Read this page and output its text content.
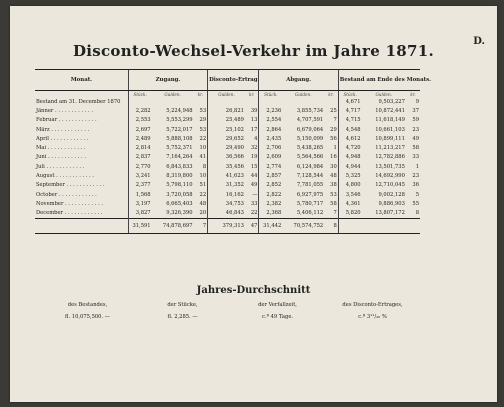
D.
Disconto-Wechsel-Verkehr im Jahre 1871.
Monat.	Zugang.			Disconto-Ertrag.		Abgang.			Bestand am Ende des Monats.		
	Stück.	Gulden.	kr.	Gulden.	kr.	Stück.	Gulden.	kr.	Stück.	Gulden.	kr.
Bestand am 31. December 1870									4,671	9,503,227	9
Jänner . . . . . . . . . . . .	2,282	5,224,948	53	26,821	39	2,236	3,855,734	25	4,717	10,872,441	37
Februar . . . . . . . . . . . .	2,553	5,553,299	29	25,489	13	2,554	4,707,591	7	4,715	11,618,149	59
März . . . . . . . . . . . .	2,697	5,722,017	53	25,102	17	2,864	6,679,064	29	4,548	10,661,103	23
April . . . . . . . . . . . .	2,489	5,888,108	22	29,652	4	2,435	5,150,099	56	4,612	10,899,111	49
Mai . . . . . . . . . . . .	2,814	5,752,371	10	29,490	32	2,706	5,438,265	1	4,720	11,213,217	58
Juni . . . . . . . . . . . .	2,837	7,164,264	41	36,566	19	2,609	5,564,566	16	4,948	12,782,886	33
Juli . . . . . . . . . . . .	2,770	6,843,833	8	35,456	15	2,774	6,124,984	30	4,944	13,501,735	1
August . . . . . . . . . . . .	3,241	8,319,800	10	41,623	44	2,857	7,128,544	48	5,325	14,692,990	23
September . . . . . . . . . . . .	2,377	5,798,110	51	31,352	49	2,852	7,781,055	38	4,800	12,710,045	36
October . . . . . . . . . . . .	1,568	3,720,058	22	16,162	—	2,822	6,927,975	53	3,546	9,002,128	5
November . . . . . . . . . . . .	3,197	6,665,403	48	34,753	33	2,382	5,780,717	58	4,361	9,886,903	55
December . . . . . . . . . . . .	3,827	9,326,390	20	46,843	22	2,368	5,406,112	7	5,820	13,807,172	8
	31,591	74,878,697	7	379,313	47	31,442	70,574,752	8			
Jahres-Durchschnitt
des Bestandes,	der Stücke,	der Verfallzeit,	des Disconto-Ertrages,
fl. 10,075,500. —	fl. 2,285. —	c.ª 49 Tage.	c.ª 3¹¹/₂₀ %
